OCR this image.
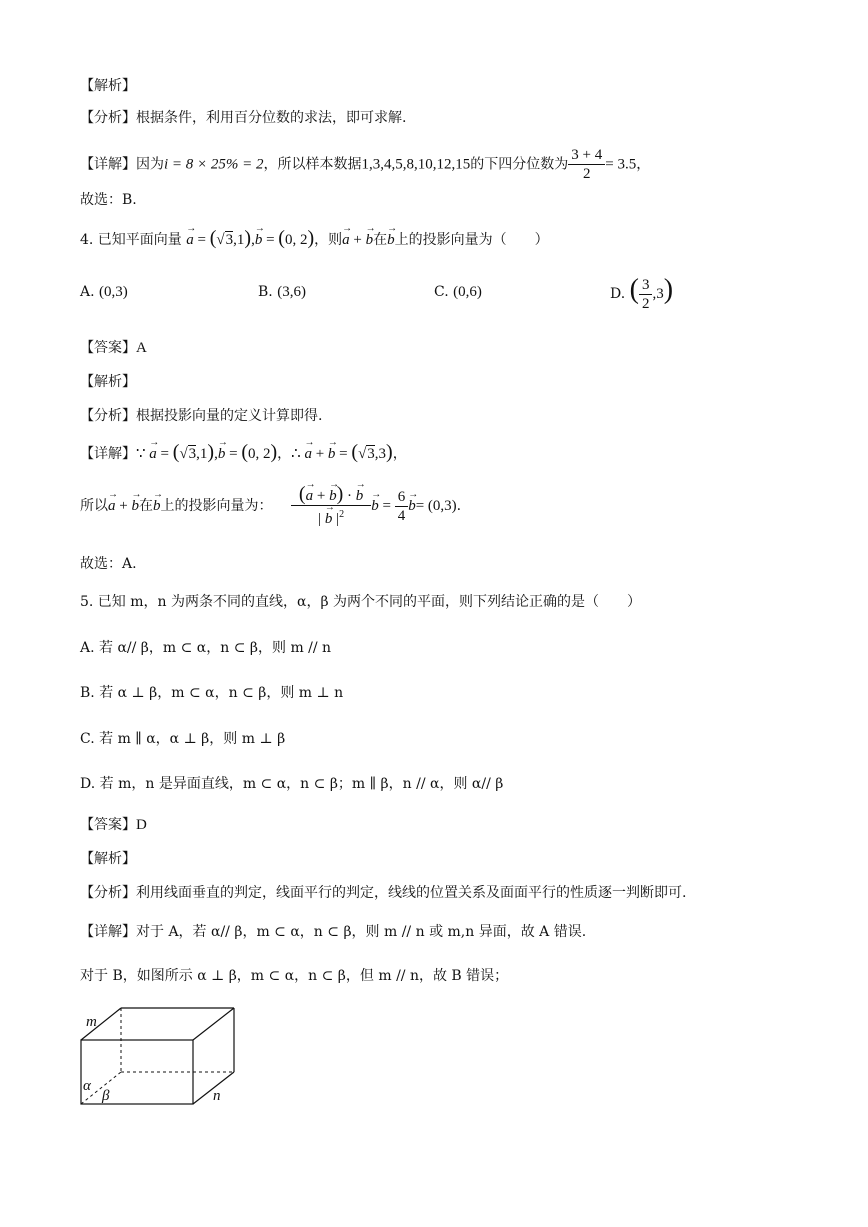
【解析】
【分析】根据条件，利用百分位数的求法，即可求解.
【详解】因为i = 8 × 25% = 2，所以样本数据1,3,4,5,8,10,12,15的下四分位数为 $\frac{3 + 4}{2} = 3.5$，
故选：B.
4. 已知平面向量 → a = (√3,1),→ b = (0, 2)，则→ a + → b在→ b上的投影向量为（　　）
A. (0,3)	B. (3,6)	C. (0,6)	D. ( $\frac{3}{2} ,3$)
【答案】A
【解析】
【分析】根据投影向量的定义计算即得.
【详解】∵ → a = (√3,1),→ b = (0, 2)，∴ → a + → b = (√3,3)，
所以→ a + → b在→ b上的投影向量为： $\frac{(\to a + \to b) \cdot \to b}{| \to b |^2}$
→ $b = \frac{6}{4}$
→ b= (0,3).
故选：A.
5. 已知 m，n 为两条不同的直线，α，β 为两个不同的平面，则下列结论正确的是（　　）
A. 若 α// β，m ⊂ α，n ⊂ β，则 m // n
B. 若 α ⊥ β，m ⊂ α，n ⊂ β，则 m ⊥ n
C. 若 m ∥ α，α ⊥ β，则 m ⊥ β
D. 若 m，n 是异面直线，m ⊂ α，n ⊂ β；m ∥ β，n // α，则 α// β
【答案】D
【解析】
【分析】利用线面垂直的判定，线面平行的判定，线线的位置关系及面面平行的性质逐一判断即可.
【详解】对于 A，若 α// β，m ⊂ α，n ⊂ β，则 m // n 或 m,n 异面，故 A 错误.
对于 B，如图所示 α ⊥ β，m ⊂ α，n ⊂ β，但 m // n，故 B 错误；
m
n
α
β
